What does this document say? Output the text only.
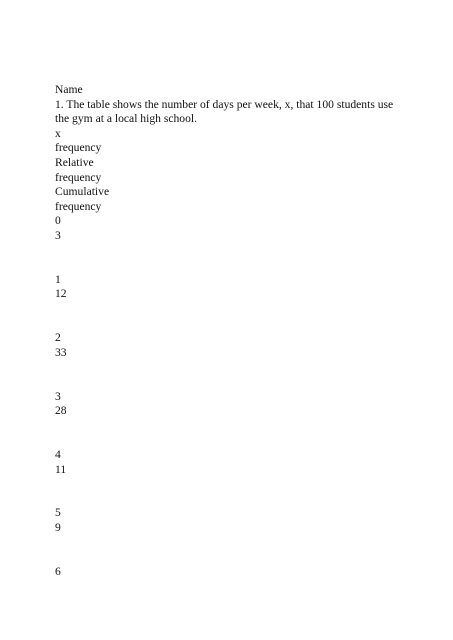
Name
1. The table shows the number of days per week, x, that 100 students use the gym at a local high school.
x
frequency
Relative
frequency
Cumulative
frequency
0
3
1
12
2
33
3
28
4
11
5
9
6
